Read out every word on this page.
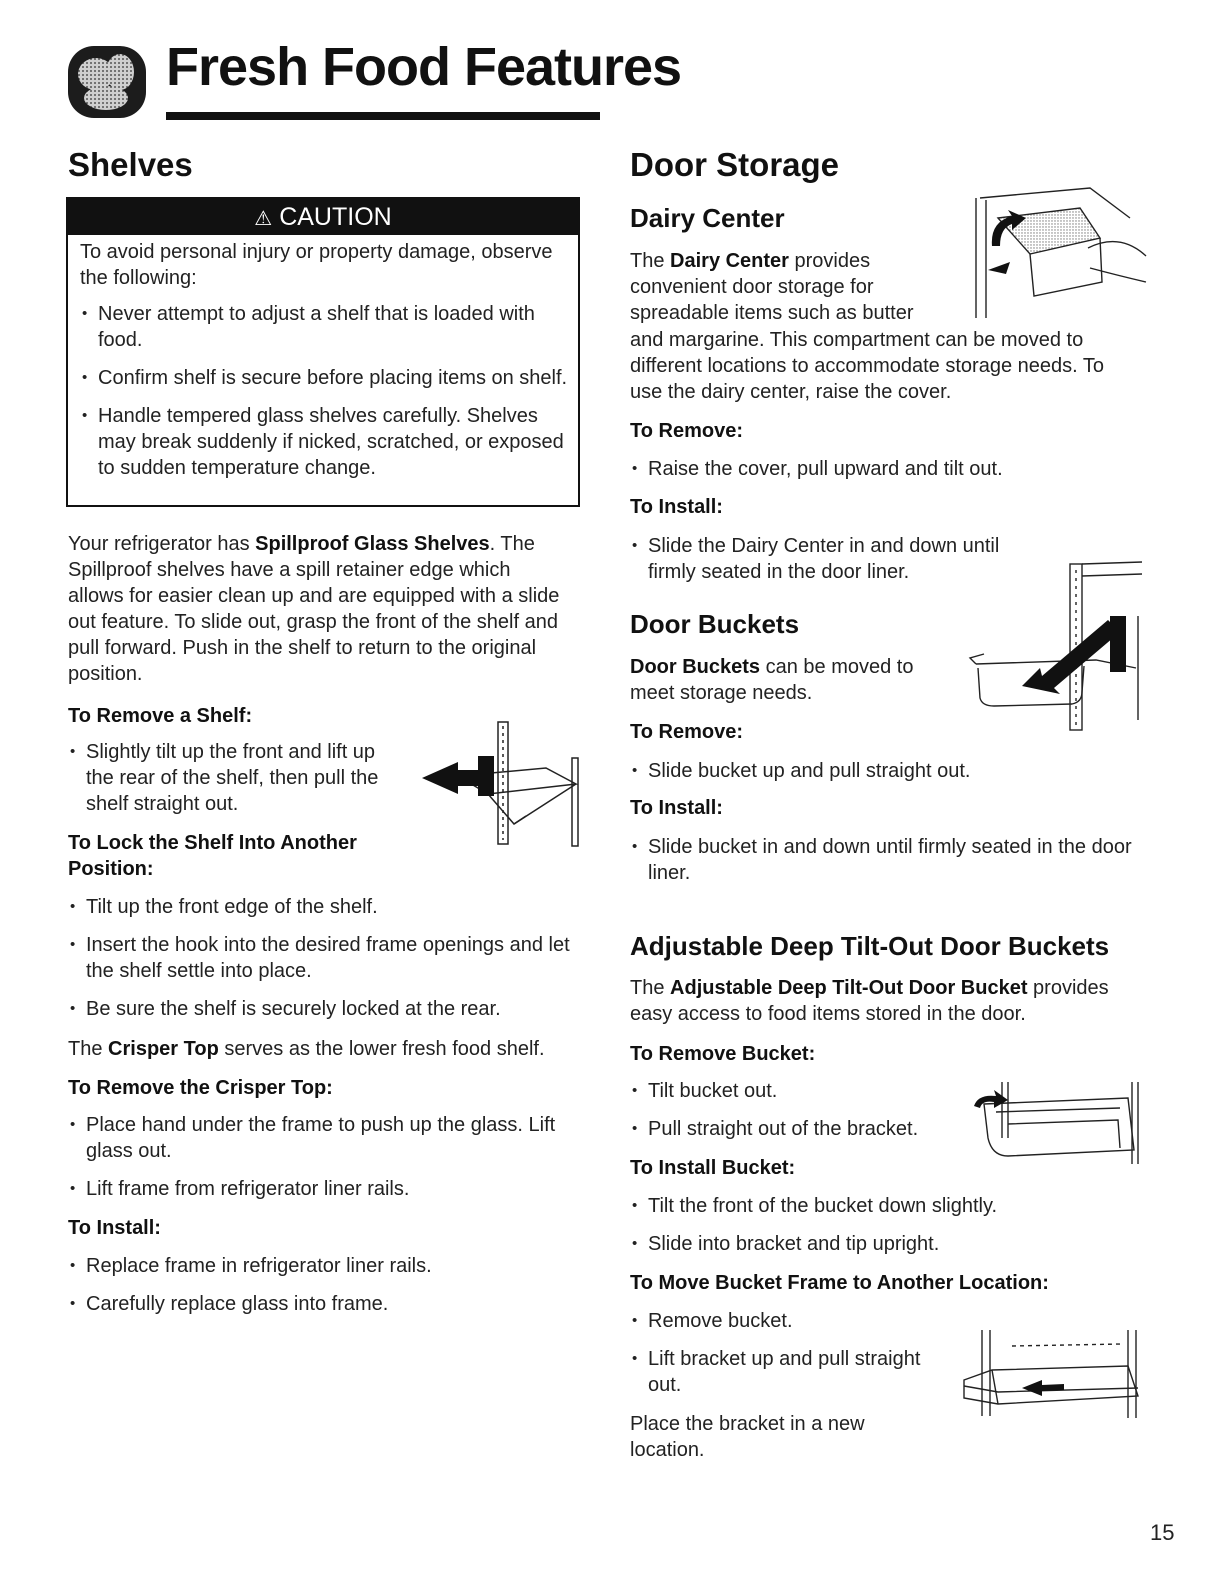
Fresh Food Features
Shelves
⚠ CAUTION

To avoid personal injury or property damage, observe the following:

• Never attempt to adjust a shelf that is loaded with food.
• Confirm shelf is secure before placing items on shelf.
• Handle tempered glass shelves carefully. Shelves may break suddenly if nicked, scratched, or exposed to sudden temperature change.

Your refrigerator has Spillproof Glass Shelves. The Spillproof shelves have a spill retainer edge which allows for easier clean up and are equipped with a slide out feature. To slide out, grasp the front of the shelf and pull forward. Push in the shelf to return to the original position.

To Remove a Shelf:
• Slightly tilt up the front and lift up the rear of the shelf, then pull the shelf straight out.
To Lock the Shelf Into Another Position:
• Tilt up the front edge of the shelf.
• Insert the hook into the desired frame openings and let the shelf settle into place.
• Be sure the shelf is securely locked at the rear.

The Crisper Top serves as the lower fresh food shelf.

To Remove the Crisper Top:
• Place hand under the frame to push up the glass. Lift glass out.
• Lift frame from refrigerator liner rails.
To Install:
• Replace frame in refrigerator liner rails.
• Carefully replace glass into frame.
Door Storage
Dairy Center

The Dairy Center provides convenient door storage for spreadable items such as butter

and margarine. This compartment can be moved to different locations to accommodate storage needs. To use the dairy center, raise the cover.

To Remove:
• Raise the cover, pull upward and tilt out.
To Install:
• Slide the Dairy Center in and down until firmly seated in the door liner.
Door Buckets

Door Buckets can be moved to meet storage needs.

To Remove:
• Slide bucket up and pull straight out.
To Install:
• Slide bucket in and down until firmly seated in the door liner.
Adjustable Deep Tilt-Out Door Buckets

The Adjustable Deep Tilt-Out Door Bucket provides easy access to food items stored in the door.

To Remove Bucket:
• Tilt bucket out.
• Pull straight out of the bracket.
To Install Bucket:
• Tilt the front of the bucket down slightly.
• Slide into bracket and tip upright.
To Move Bucket Frame to Another Location:
• Remove bucket.
• Lift bracket up and pull straight out.

Place the bracket in a new location.

15
